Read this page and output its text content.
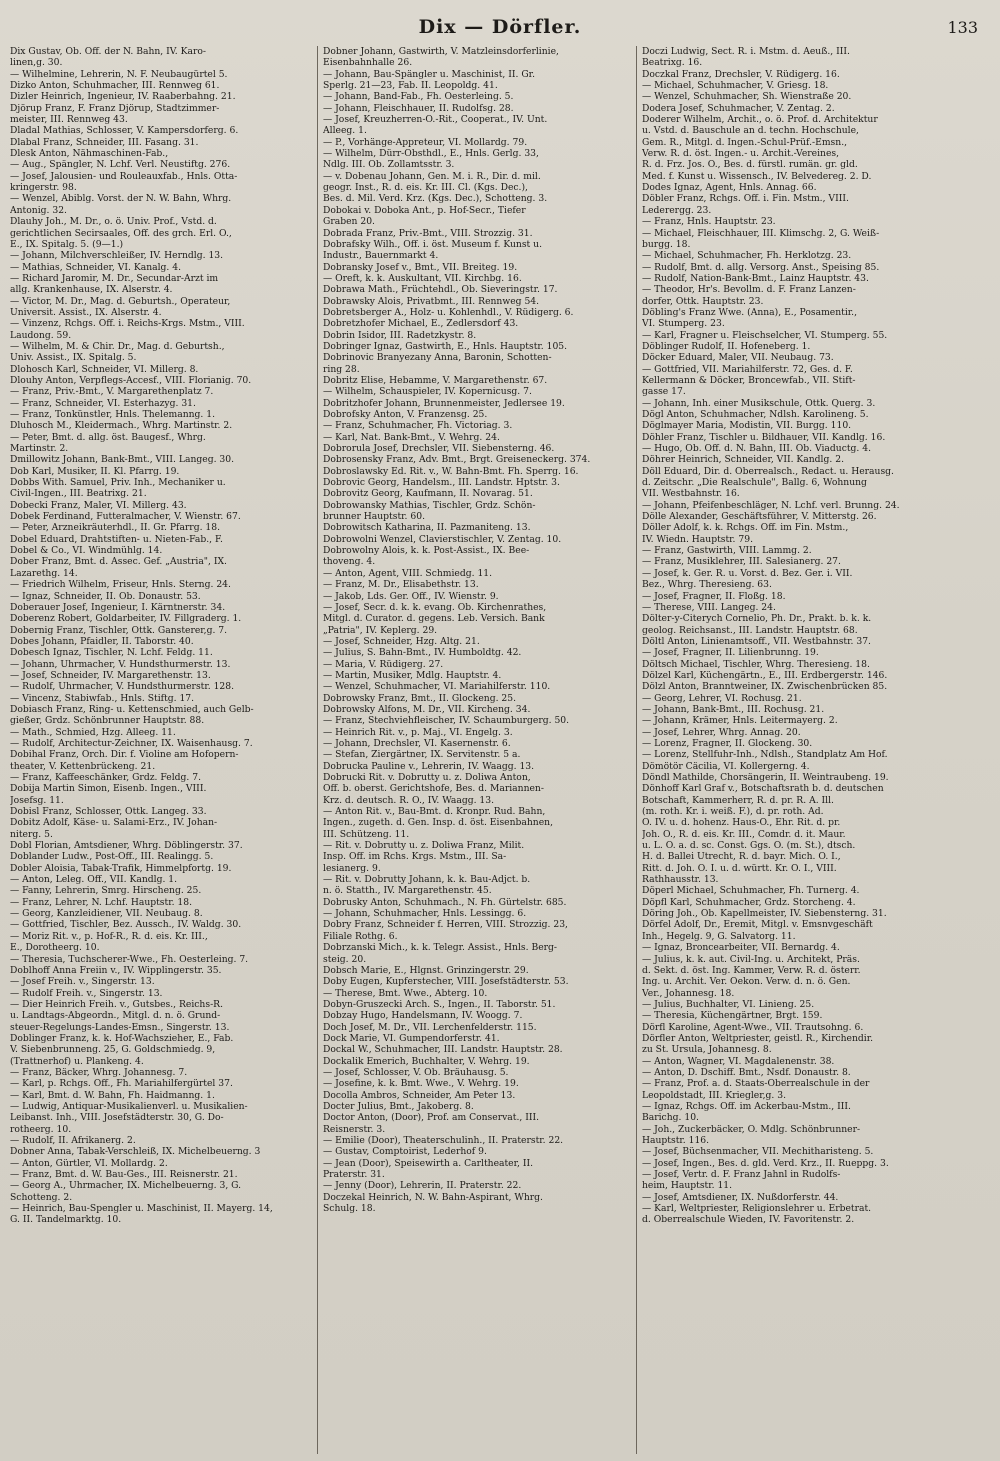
Dix — Dörfler.	133
Dix Gustav, Ob. Off. der N. Bahn, IV. Karo-
linen,g. 30.
— Wilhelmine, Lehrerin, N. F. Neubaugürtel 5.
Dizko Anton, Schuhmacher, III. Rennweg 61.
Dizler Heinrich, Ingenieur, IV. Raaberbahng. 21.
Djörup Franz, F. Franz Djörup, Stadtzimmer-
meister, III. Rennweg 43.
Dladal Mathias, Schlosser, V. Kampersdorferg. 6.
Dlabal Franz, Schneider, III. Fasang. 31.
Dlesk Anton, Nähmaschinen-Fab.,
— Aug., Spängler, N. Lchf. Verl. Neustiftg. 276.
— Josef, Jalousien- und Rouleauxfab., Hnls. Otta-
kringerstr. 98.
— Wenzel, Abiblg. Vorst. der N. W. Bahn, Whrg.
Antonig. 32.
Dlauhy Joh., M. Dr., o. ö. Univ. Prof., Vstd. d.
gerichtlichen Secirsaales, Off. des grch. Erl. O.,
E., IX. Spitalg. 5. (9—1.)
— Johann, Milchverschleißer, IV. Herndlg. 13.
— Mathias, Schneider, VI. Kanalg. 4.
— Richard Jaromir, M. Dr., Secundar-Arzt im
allg. Krankenhause, IX. Alserstr. 4.
— Victor, M. Dr., Mag. d. Geburtsh., Operateur,
Universit. Assist., IX. Alserstr. 4.
— Vinzenz, Rchgs. Off. i. Reichs-Krgs. Mstm., VIII.
Laudong. 59.
— Wilhelm, M. & Chir. Dr., Mag. d. Geburtsh.,
Univ. Assist., IX. Spitalg. 5.
Dlohosch Karl, Schneider, VI. Millerg. 8.
Dlouhy Anton, Verpflegs-Accesf., VIII. Florianig. 70.
— Franz, Priv.-Bmt., V. Margarethenplatz 7.
— Franz, Schneider, VI. Esterhazyg. 31.
— Franz, Tonkünstler, Hnls. Thelemanng. 1.
Dluhosch M., Kleidermach., Whrg. Martinstr. 2.
— Peter, Bmt. d. allg. öst. Baugesf., Whrg.
Martinstr. 2.
Dmillowitz Johann, Bank-Bmt., VIII. Langeg. 30.
Dob Karl, Musiker, II. Kl. Pfarrg. 19.
Dobbs With. Samuel, Priv. Inh., Mechaniker u.
Civil-Ingen., III. Beatrixg. 21.
Dobecki Franz, Maler, VI. Millerg. 43.
Dobek Ferdinand, Futteralmacher, V. Wienstr. 67.
— Peter, Arzneikräuterhdl., II. Gr. Pfarrg. 18.
Dobel Eduard, Drahtstiften- u. Nieten-Fab., F.
Dobel & Co., VI. Windmühlg. 14.
Dober Franz, Bmt. d. Assec. Gef. „Austria", IX.
Lazarethg. 14.
— Friedrich Wilhelm, Friseur, Hnls. Sterng. 24.
— Ignaz, Schneider, II. Ob. Donaustr. 53.
Doberauer Josef, Ingenieur, I. Kärntnerstr. 34.
Doberenz Robert, Goldarbeiter, IV. Fillgraderg. 1.
Dobernig Franz, Tischler, Ottk. Gansterer,g. 7.
Dobes Johann, Pfaidler, II. Taborstr. 40.
Dobesch Ignaz, Tischler, N. Lchf. Feldg. 11.
— Johann, Uhrmacher, V. Hundsthurmerstr. 13.
— Josef, Schneider, IV. Margarethenstr. 13.
— Rudolf, Uhrmacher, V. Hundsthurmerstr. 128.
— Vincenz, Stabiwfab., Hnls. Stiftg. 17.
Dobiasch Franz, Ring- u. Kettenschmied, auch Gelb-
gießer, Grdz. Schönbrunner Hauptstr. 88.
— Math., Schmied, Hzg. Alleeg. 11.
— Rudolf, Architectur-Zeichner, IX. Waisenhausg. 7.
Dobihal Franz, Orch. Dir. f. Violine am Hofopern-
theater, V. Kettenbrückeng. 21.
— Franz, Kaffeeschänker, Grdz. Feldg. 7.
Dobija Martin Simon, Eisenb. Ingen., VIII.
Josefsg. 11.
Dobisl Franz, Schlosser, Ottk. Langeg. 33.
Dobitz Adolf, Käse- u. Salami-Erz., IV. Johan-
niterg. 5.
Dobl Florian, Amtsdiener, Whrg. Döblingerstr. 37.
Doblander Ludw., Post-Off., III. Realingg. 5.
Dobler Aloisia, Tabak-Trafik, Himmelpfortg. 19.
— Anton, Leleg. Off., VII. Kandlg. 1.
— Fanny, Lehrerin, Smrg. Hirscheng. 25.
— Franz, Lehrer, N. Lchf. Hauptstr. 18.
— Georg, Kanzleidiener, VII. Neubaug. 8.
— Gottfried, Tischler, Bez. Aussch., IV. Waldg. 30.
— Moriz Rit. v., p. Hof-R., R. d. eis. Kr. III.,
E., Dorotheerg. 10.
— Theresia, Tuchscherer-Wwe., Fh. Oesterleing. 7.
Doblhoff Anna Freiin v., IV. Wipplingerstr. 35.
— Josef Freih. v., Singerstr. 13.
— Rudolf Freih. v., Singerstr. 13.
— Dier Heinrich Freih. v., Gutsbes., Reichs-R.
u. Landtags-Abgeordn., Mitgl. d. n. ö. Grund-
steuer-Regelungs-Landes-Emsn., Singerstr. 13.
Doblinger Franz, k. k. Hof-Wachszieher, E., Fab.
V. Siebenbrunneng. 25, G. Goldschmiedg. 9,
(Trattnerhof) u. Plankeng. 4.
— Franz, Bäcker, Whrg. Johannesg. 7.
— Karl, p. Rchgs. Off., Fh. Mariahilfergürtel 37.
— Karl, Bmt. d. W. Bahn, Fh. Haidmanng. 1.
— Ludwig, Antiquar-Musikalienverl. u. Musikalien-
Leibanst. Inh., VIII. Josefstädterstr. 30, G. Do-
rotheerg. 10.
— Rudolf, II. Afrikanerg. 2.
Dobner Anna, Tabak-Verschleiß, IX. Michelbeuerng. 3
— Anton, Gürtler, VI. Mollardg. 2.
— Franz, Bmt. d. W. Bau-Ges., III. Reisnerstr. 21.
— Georg A., Uhrmacher, IX. Michelbeuerng. 3, G.
Schotteng. 2.
— Heinrich, Bau-Spengler u. Maschinist, II. Mayerg. 14,
G. II. Tandelmarktg. 10.
Dobner Johann, Gastwirth, V. Matzleinsdorferlinie,
Eisenbahnhalle 26.
— Johann, Bau-Spängler u. Maschinist, II. Gr.
Sperlg. 21—23, Fab. II. Leopoldg. 41.
— Johann, Band-Fab., Fh. Oesterleing. 5.
— Johann, Fleischhauer, II. Rudolfsg. 28.
— Josef, Kreuzherren-O.-Rit., Cooperat., IV. Unt.
Alleeg. 1.
— P., Vorhänge-Appreteur, VI. Mollardg. 79.
— Wilhelm, Dürr-Obsthdl., E., Hnls. Gerlg. 33,
Ndlg. III. Ob. Zollamtsstr. 3.
— v. Dobenau Johann, Gen. M. i. R., Dir. d. mil.
geogr. Inst., R. d. eis. Kr. III. Cl. (Kgs. Dec.),
Bes. d. Mil. Verd. Krz. (Kgs. Dec.), Schotteng. 3.
Dobokai v. Doboka Ant., p. Hof-Secr., Tiefer
Graben 20.
Dobrada Franz, Priv.-Bmt., VIII. Strozzig. 31.
Dobrafsky Wilh., Off. i. öst. Museum f. Kunst u.
Industr., Bauernmarkt 4.
Dobransky Josef v., Bmt., VII. Breiteg. 19.
— Oreft, k. k. Auskultant, VII. Kirchbg. 16.
Dobrawa Math., Früchtehdl., Ob. Sieveringstr. 17.
Dobrawsky Alois, Privatbmt., III. Rennweg 54.
Dobretsberger A., Holz- u. Kohlenhdl., V. Rüdigerg. 6.
Dobretzhofer Michael, E., Zedlersdorf 43.
Dobrin Isidor, III. Radetzkystr. 8.
Dobringer Ignaz, Gastwirth, E., Hnls. Hauptstr. 105.
Dobrinovic Branyezany Anna, Baronin, Schotten-
ring 28.
Dobritz Elise, Hebamme, V. Margarethenstr. 67.
— Wilhelm, Schauspieler, IV. Kopernicusg. 7.
Dobritzhofer Johann, Brunnenmeister, Jedlersee 19.
Dobrofsky Anton, V. Franzensg. 25.
— Franz, Schuhmacher, Fh. Victoriag. 3.
— Karl, Nat. Bank-Bmt., V. Wehrg. 24.
Dobrorula Josef, Drechsler, VII. Siebensterng. 46.
Dobrosensky Franz, Adv. Bmt., Brgt. Greiseneckerg. 374.
Dobroslawsky Ed. Rit. v., W. Bahn-Bmt. Fh. Sperrg. 16.
Dobrovic Georg, Handelsm., III. Landstr. Hptstr. 3.
Dobrovitz Georg, Kaufmann, II. Novarag. 51.
Dobrowansky Mathias, Tischler, Grdz. Schön-
brunner Hauptstr. 60.
Dobrowitsch Katharina, II. Pazmaniteng. 13.
Dobrowolni Wenzel, Clavierstischler, V. Zentag. 10.
Dobrowolny Alois, k. k. Post-Assist., IX. Bee-
thoveng. 4.
— Anton, Agent, VIII. Schmiedg. 11.
— Franz, M. Dr., Elisabethstr. 13.
— Jakob, Lds. Ger. Off., IV. Wienstr. 9.
— Josef, Secr. d. k. k. evang. Ob. Kirchenrathes,
Mitgl. d. Curator. d. gegens. Leb. Versich. Bank
„Patria", IV. Keplerg. 29.
— Josef, Schneider, Hzg. Altg. 21.
— Julius, S. Bahn-Bmt., IV. Humboldtg. 42.
— Maria, V. Rüdigerg. 27.
— Martin, Musiker, Mdlg. Hauptstr. 4.
— Wenzel, Schuhmacher, VI. Mariahilferstr. 110.
Dobrowsky Franz, Bmt., II. Glockeng. 25.
Dobrowsky Alfons, M. Dr., VII. Kircheng. 34.
— Franz, Stechviehfleischer, IV. Schaumburgerg. 50.
— Heinrich Rit. v., p. Maj., VI. Engelg. 3.
— Johann, Drechsler, VI. Kasernenstr. 6.
— Stefan, Ziergärtner, IX. Servitenstr. 5 a.
Dobrucka Pauline v., Lehrerin, IV. Waagg. 13.
Dobrucki Rit. v. Dobrutty u. z. Doliwa Anton,
Off. b. oberst. Gerichtshofe, Bes. d. Mariannen-
Krz. d. deutsch. R. O., IV. Waagg. 13.
— Anton Rit. v., Bau-Bmt. d. Kronpr. Rud. Bahn,
Ingen., zugeth. d. Gen. Insp. d. öst. Eisenbahnen,
III. Schützeng. 11.
— Rit. v. Dobrutty u. z. Doliwa Franz, Milit.
Insp. Off. im Rchs. Krgs. Mstm., III. Sa-
lesianerg. 9.
— Rit. v. Dobrutty Johann, k. k. Bau-Adjct. b.
n. ö. Statth., IV. Margarethenstr. 45.
Dobrusky Anton, Schuhmach., N. Fh. Gürtelstr. 685.
— Johann, Schuhmacher, Hnls. Lessingg. 6.
Dobry Franz, Schneider f. Herren, VIII. Strozzig. 23,
Filiale Rothg. 6.
Dobrzanski Mich., k. k. Telegr. Assist., Hnls. Berg-
steig. 20.
Dobsch Marie, E., Hlgnst. Grinzingerstr. 29.
Doby Eugen, Kupferstecher, VIII. Josefstädterstr. 53.
— Therese, Bmt. Wwe., Abterg. 10.
Dobyn-Gruszecki Arch. S., Ingen., II. Taborstr. 51.
Dobzay Hugo, Handelsmann, IV. Woogg. 7.
Doch Josef, M. Dr., VII. Lerchenfelderstr. 115.
Dock Marie, VI. Gumpendorferstr. 41.
Dockal W., Schuhmacher, III. Landstr. Hauptstr. 28.
Dockalik Emerich, Buchhalter, V. Wehrg. 19.
— Josef, Schlosser, V. Ob. Bräuhausg. 5.
— Josefine, k. k. Bmt. Wwe., V. Wehrg. 19.
Docolla Ambros, Schneider, Am Peter 13.
Docter Julius, Bmt., Jakoberg. 8.
Doctor Anton, (Door), Prof. am Conservat., III.
Reisnerstr. 3.
— Emilie (Door), Theaterschulinh., II. Praterstr. 22.
— Gustav, Comptoirist, Lederhof 9.
— Jean (Door), Speisewirth a. Carltheater, II.
Praterstr. 31.
— Jenny (Door), Lehrerin, II. Praterstr. 22.
Doczekal Heinrich, N. W. Bahn-Aspirant, Whrg.
Schulg. 18.
Doczi Ludwig, Sect. R. i. Mstm. d. Aeuß., III.
Beatrixg. 16.
Doczkal Franz, Drechsler, V. Rüdigerg. 16.
— Michael, Schuhmacher, V. Griesg. 18.
— Wenzel, Schuhmacher, Sh. Wienstraße 20.
Dodera Josef, Schuhmacher, V. Zentag. 2.
Doderer Wilhelm, Archit., o. ö. Prof. d. Architektur
u. Vstd. d. Bauschule an d. techn. Hochschule,
Gem. R., Mitgl. d. Ingen.-Schul-Prüf.-Emsn.,
Verw. R. d. öst. Ingen.- u. Archit.-Vereines,
R. d. Frz. Jos. O., Bes. d. fürstl. rumän. gr. gld.
Med. f. Kunst u. Wissensch., IV. Belvedereg. 2. D.
Dodes Ignaz, Agent, Hnls. Annag. 66.
Döbler Franz, Rchgs. Off. i. Fin. Mstm., VIII.
Lederergg. 23.
— Franz, Hnls. Hauptstr. 23.
— Michael, Fleischhauer, III. Klimschg. 2, G. Weiß-
burgg. 18.
— Michael, Schuhmacher, Fh. Herklotzg. 23.
— Rudolf, Bmt. d. allg. Versorg. Anst., Speising 85.
— Rudolf, Nation-Bank-Bmt., Lainz Hauptstr. 43.
— Theodor, Hr's. Bevollm. d. F. Franz Lanzen-
dorfer, Ottk. Hauptstr. 23.
Döbling's Franz Wwe. (Anna), E., Posamentir.,
VI. Stumperg. 23.
— Karl, Fragner u. Fleischselcher, VI. Stumperg. 55.
Döblinger Rudolf, II. Hofeneberg. 1.
Döcker Eduard, Maler, VII. Neubaug. 73.
— Gottfried, VII. Mariahilferstr. 72, Ges. d. F.
Kellermann & Döcker, Broncewfab., VII. Stift-
gasse 17.
— Johann, Inh. einer Musikschule, Ottk. Querg. 3.
Dögl Anton, Schuhmacher, Ndlsh. Karolineng. 5.
Döglmayer Maria, Modistin, VII. Burgg. 110.
Döhler Franz, Tischler u. Bildhauer, VII. Kandlg. 16.
— Hugo, Ob. Off. d. N. Bahn, III. Ob. Viaductg. 4.
Döhrer Heinrich, Schneider, VII. Kandlg. 2.
Döll Eduard, Dir. d. Oberrealsch., Redact. u. Herausg.
d. Zeitschr. „Die Realschule", Ballg. 6, Wohnung
VII. Westbahnstr. 16.
— Johann, Pfeifenbeschläger, N. Lchf. verl. Brunng. 24.
Dölle Alexander, Geschäftsführer, V. Mitterstg. 26.
Döller Adolf, k. k. Rchgs. Off. im Fin. Mstm.,
IV. Wiedn. Hauptstr. 79.
— Franz, Gastwirth, VIII. Lammg. 2.
— Franz, Musiklehrer, III. Salesianerg. 27.
— Josef, k. Ger. R. u. Vorst. d. Bez. Ger. i. VII.
Bez., Whrg. Theresieng. 63.
— Josef, Fragner, II. Floßg. 18.
— Therese, VIII. Langeg. 24.
Dölter-y-Citerych Cornelio, Ph. Dr., Prakt. b. k. k.
geolog. Reichsanst., III. Landstr. Hauptstr. 68.
Döltl Anton, Linienamtsoff., VII. Westbahnstr. 37.
— Josef, Fragner, II. Lilienbrunng. 19.
Döltsch Michael, Tischler, Whrg. Theresieng. 18.
Dölzel Karl, Küchengärtn., E., III. Erdbergerstr. 146.
Dölzl Anton, Branntweiner, IX. Zwischenbrücken 85.
— Georg, Lehrer, VI. Rochusg. 21.
— Johann, Bank-Bmt., III. Rochusg. 21.
— Johann, Krämer, Hnls. Leitermayerg. 2.
— Josef, Lehrer, Whrg. Annag. 20.
— Lorenz, Fragner, II. Glockeng. 30.
— Lorenz, Stellfuhr-Inh., Ndlsh., Standplatz Am Hof.
Dömötör Cäcilia, VI. Kollergerng. 4.
Döndl Mathilde, Chorsängerin, II. Weintraubeng. 19.
Dönhoff Karl Graf v., Botschaftsrath b. d. deutschen
Botschaft, Kammerherr, R. d. pr. R. A. Ill.
(m. roth. Kr. i. weiß. F.), d. pr. roth. Ad.
O. IV. u. d. hohenz. Haus-O., Ehr. Rit. d. pr.
Joh. O., R. d. eis. Kr. III., Comdr. d. it. Maur.
u. L. O. a. d. sc. Const. Ggs. O. (m. St.), dtsch.
H. d. Ballei Utrecht, R. d. bayr. Mich. O. I.,
Ritt. d. Joh. O. I. u. d. württ. Kr. O. I., VIII.
Rathhausstr. 13.
Döperl Michael, Schuhmacher, Fh. Turnerg. 4.
Döpfl Karl, Schuhmacher, Grdz. Storcheng. 4.
Döring Joh., Ob. Kapellmeister, IV. Siebensterng. 31.
Dörfel Adolf, Dr., Eremit, Mitgl. v. Emsnvgeschäft
Inh., Hegelg. 9, G. Salvatorg. 11.
— Ignaz, Broncearbeiter, VII. Bernardg. 4.
— Julius, k. k. aut. Civil-Ing. u. Architekt, Präs.
d. Sekt. d. öst. Ing. Kammer, Verw. R. d. österr.
Ing. u. Archit. Ver. Oekon. Verw. d. n. ö. Gen.
Ver., Johannesg. 18.
— Julius, Buchhalter, VI. Linieng. 25.
— Theresia, Küchengärtner, Brgt. 159.
Dörfl Karoline, Agent-Wwe., VII. Trautsohng. 6.
Dörfler Anton, Weltpriester, geistl. R., Kirchendir.
zu St. Ursula, Johannesg. 8.
— Anton, Wagner, VI. Magdalenenstr. 38.
— Anton, D. Dschiff. Bmt., Nsdf. Donaustr. 8.
— Franz, Prof. a. d. Staats-Oberrealschule in der
Leopoldstadt, III. Kriegler,g. 3.
— Ignaz, Rchgs. Off. im Ackerbau-Mstm., III.
Barichg. 10.
— Joh., Zuckerbäcker, O. Mdlg. Schönbrunner-
Hauptstr. 116.
— Josef, Büchsenmacher, VII. Mechitharisteng. 5.
— Josef, Ingen., Bes. d. gld. Verd. Krz., II. Rueppg. 3.
— Josef, Vertr. d. F. Franz Jahnl in Rudolfs-
heim, Hauptstr. 11.
— Josef, Amtsdiener, IX. Nußdorferstr. 44.
— Karl, Weltpriester, Religionslehrer u. Erbetrat.
d. Oberrealschule Wieden, IV. Favoritenstr. 2.
